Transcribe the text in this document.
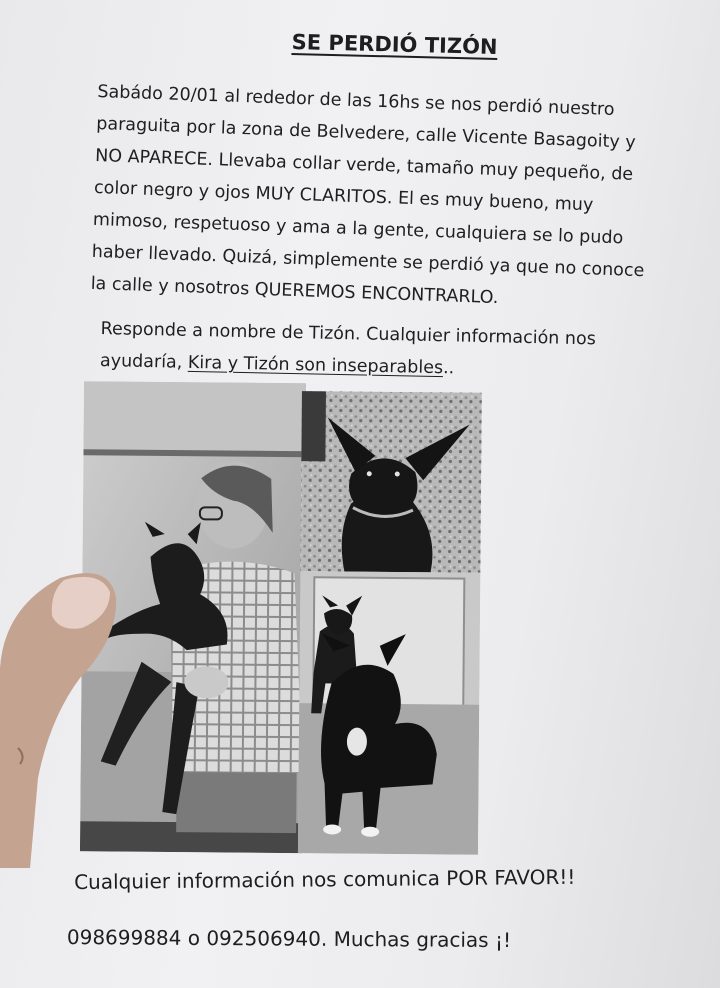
SE PERDIÓ TIZÓN
Sabádo 20/01 al rededor de las 16hs se nos perdió nuestro
paraguita por la zona de Belvedere, calle Vicente Basagoity y
NO APARECE. Llevaba collar verde, tamaño muy pequeño, de
color negro y ojos MUY CLARITOS. El es muy bueno, muy
mimoso, respetuoso y ama a la gente, cualquiera se lo pudo
haber llevado. Quizá, simplemente se perdió ya que no conoce
la calle y nosotros QUEREMOS ENCONTRARLO.
Responde a nombre de Tizón. Cualquier información nos
ayudaría, Kira y Tizón son inseparables..
Cualquier información nos comunica POR FAVOR!!
098699884 o 092506940. Muchas gracias ¡!
